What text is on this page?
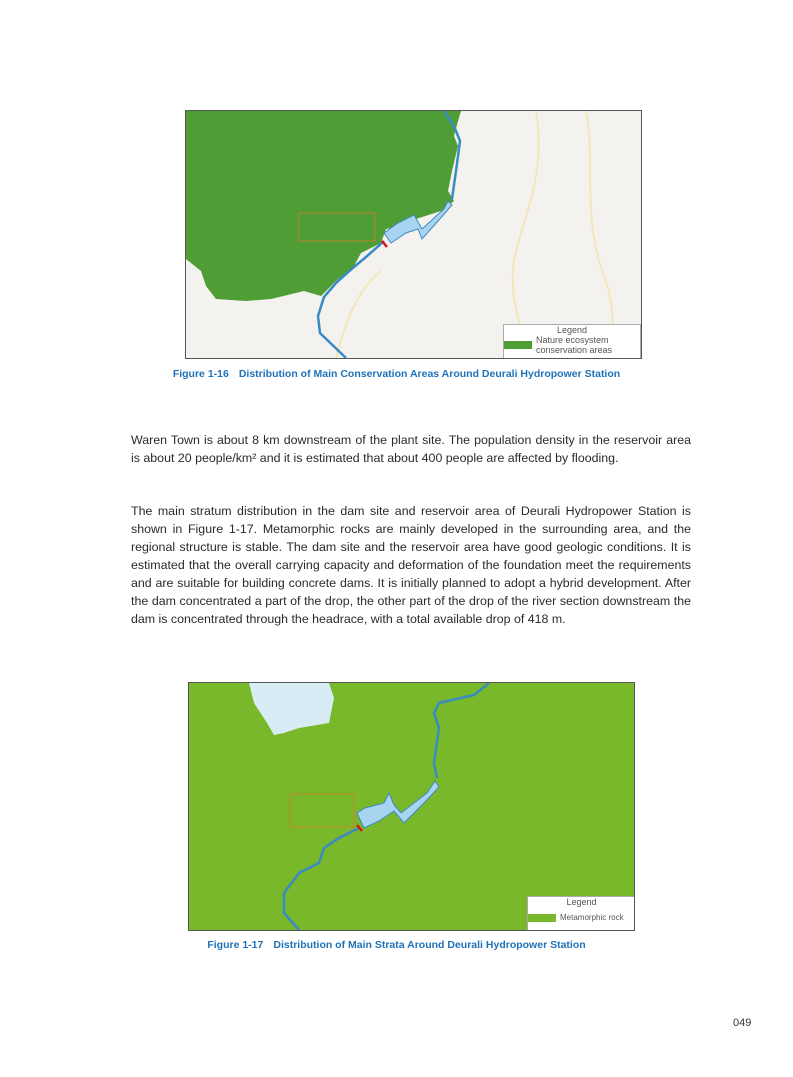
Legend
Nature ecosystem conservation areas
Figure 1-16 Distribution of Main Conservation Areas Around Deurali Hydropower Station
Waren Town is about 8 km downstream of the plant site. The population density in the reservoir area is about 20 people/km² and it is estimated that about 400 people are affected by flooding.
The main stratum distribution in the dam site and reservoir area of Deurali Hydropower Station is shown in Figure 1-17. Metamorphic rocks are mainly developed in the surrounding area, and the regional structure is stable. The dam site and the reservoir area have good geologic conditions. It is estimated that the overall carrying capacity and deformation of the foundation meet the requirements and are suitable for building concrete dams. It is initially planned to adopt a hybrid development. After the dam concentrated a part of the drop, the other part of the drop of the river section downstream the dam is concentrated through the headrace, with a total available drop of 418 m.
Legend
Metamorphic rock
Figure 1-17 Distribution of Main Strata Around Deurali Hydropower Station
049
